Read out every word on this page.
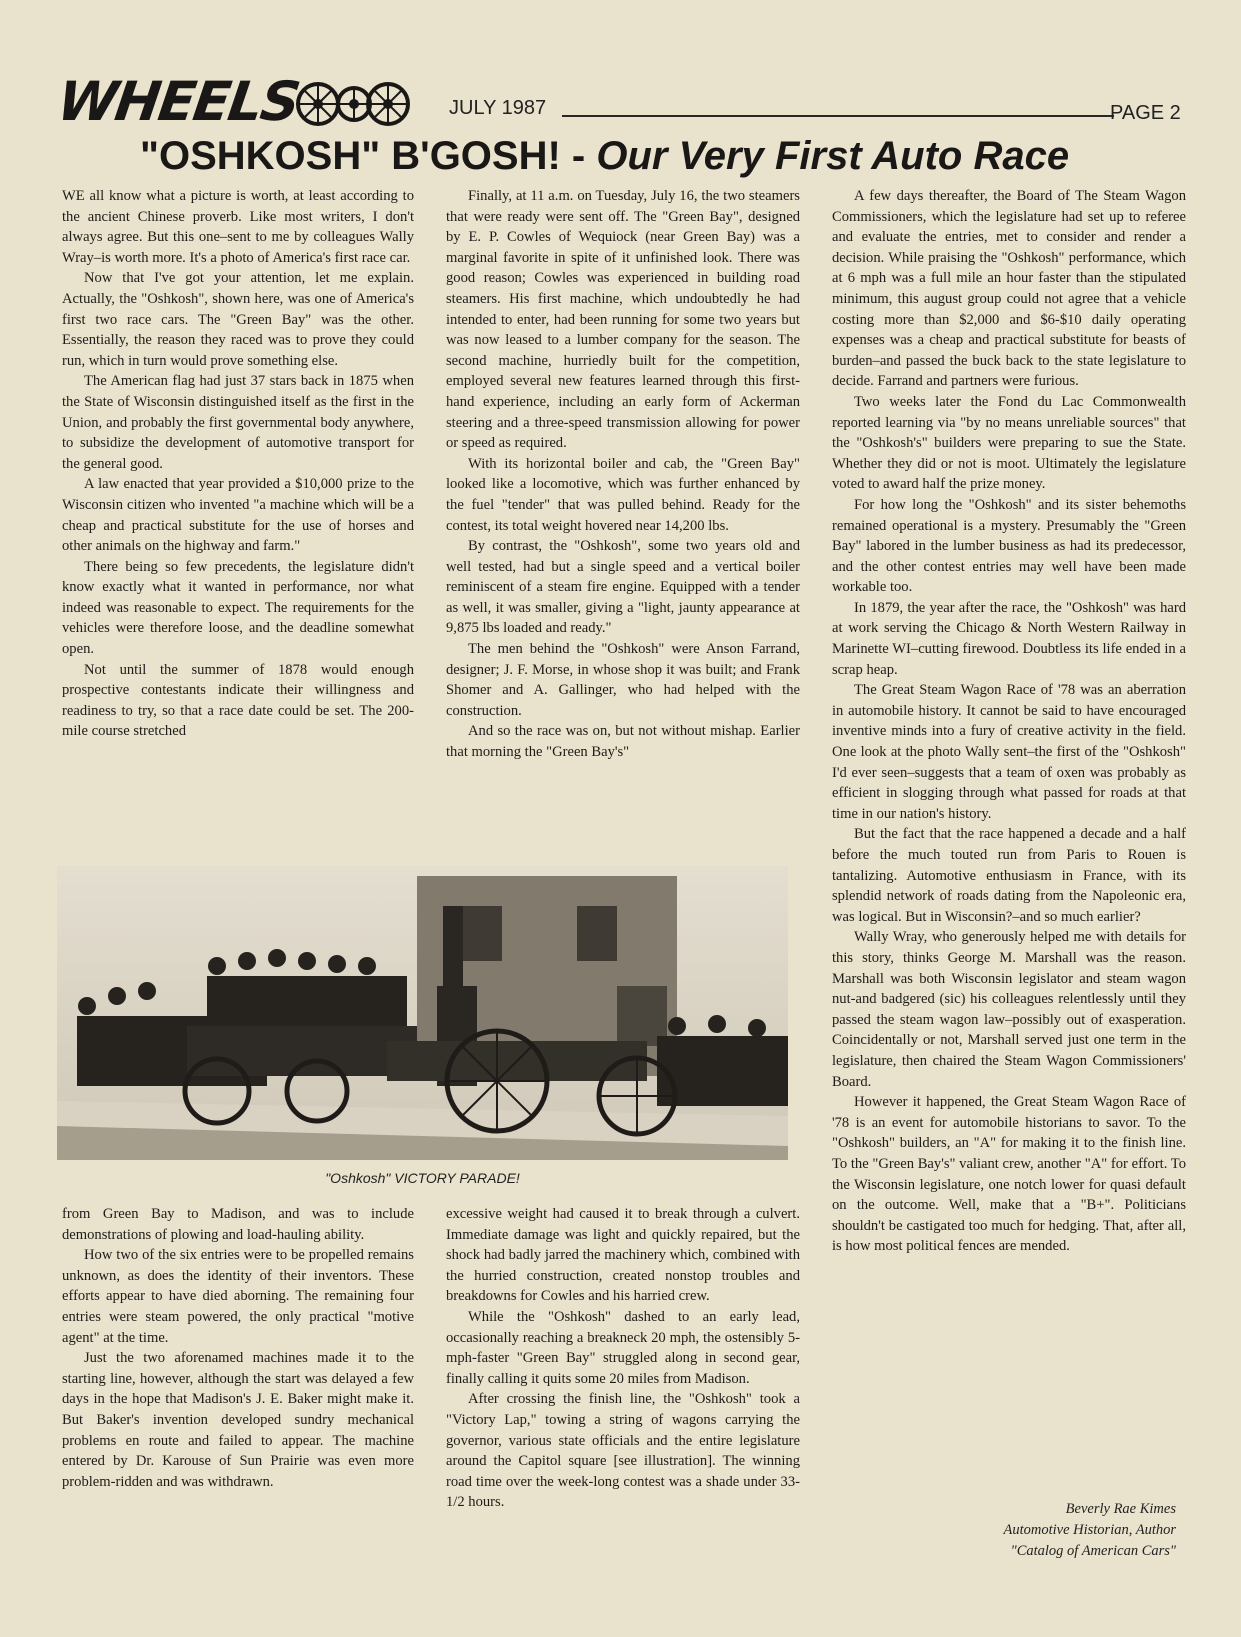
WHEELS	JULY 1987	PAGE 2
"OSHKOSH" B'GOSH! - Our Very First Auto Race

WE all know what a picture is worth, at least according to the ancient Chinese proverb. Like most writers, I don't always agree. But this one–sent to me by colleagues Wally Wray–is worth more. It's a photo of America's first race car.

Now that I've got your attention, let me explain. Actually, the "Oshkosh", shown here, was one of America's first two race cars. The "Green Bay" was the other. Essentially, the reason they raced was to prove they could run, which in turn would prove something else.

The American flag had just 37 stars back in 1875 when the State of Wisconsin distinguished itself as the first in the Union, and probably the first governmental body anywhere, to subsidize the development of automotive transport for the general good.

A law enacted that year provided a $10,000 prize to the Wisconsin citizen who invented "a machine which will be a cheap and practical substitute for the use of horses and other animals on the highway and farm."

There being so few precedents, the legislature didn't know exactly what it wanted in performance, nor what indeed was reasonable to expect. The requirements for the vehicles were therefore loose, and the deadline somewhat open.

Not until the summer of 1878 would enough prospective contestants indicate their willingness and readiness to try, so that a race date could be set. The 200-mile course stretched

Finally, at 11 a.m. on Tuesday, July 16, the two steamers that were ready were sent off. The "Green Bay", designed by E. P. Cowles of Wequiock (near Green Bay) was a marginal favorite in spite of it unfinished look. There was good reason; Cowles was experienced in building road steamers. His first machine, which undoubtedly he had intended to enter, had been running for some two years but was now leased to a lumber company for the season. The second machine, hurriedly built for the competition, employed several new features learned through this first-hand experience, including an early form of Ackerman steering and a three-speed transmission allowing for power or speed as required.

With its horizontal boiler and cab, the "Green Bay" looked like a locomotive, which was further enhanced by the fuel "tender" that was pulled behind. Ready for the contest, its total weight hovered near 14,200 lbs.

By contrast, the "Oshkosh", some two years old and well tested, had but a single speed and a vertical boiler reminiscent of a steam fire engine. Equipped with a tender as well, it was smaller, giving a "light, jaunty appearance at 9,875 lbs loaded and ready."

The men behind the "Oshkosh" were Anson Farrand, designer; J. F. Morse, in whose shop it was built; and Frank Shomer and A. Gallinger, who had helped with the construction.

And so the race was on, but not without mishap. Earlier that morning the "Green Bay's"

A few days thereafter, the Board of The Steam Wagon Commissioners, which the legislature had set up to referee and evaluate the entries, met to consider and render a decision. While praising the "Oshkosh" performance, which at 6 mph was a full mile an hour faster than the stipulated minimum, this august group could not agree that a vehicle costing more than $2,000 and $6-$10 daily operating expenses was a cheap and practical substitute for beasts of burden–and passed the buck back to the state legislature to decide. Farrand and partners were furious.

Two weeks later the Fond du Lac Commonwealth reported learning via "by no means unreliable sources" that the "Oshkosh's" builders were preparing to sue the State. Whether they did or not is moot. Ultimately the legislature voted to award half the prize money.

For how long the "Oshkosh" and its sister behemoths remained operational is a mystery. Presumably the "Green Bay" labored in the lumber business as had its predecessor, and the other contest entries may well have been made workable too.

In 1879, the year after the race, the "Oshkosh" was hard at work serving the Chicago & North Western Railway in Marinette WI–cutting firewood. Doubtless its life ended in a scrap heap.

The Great Steam Wagon Race of '78 was an aberration in automobile history. It cannot be said to have encouraged inventive minds into a fury of creative activity in the field. One look at the photo Wally sent–the first of the "Oshkosh" I'd ever seen–suggests that a team of oxen was probably as efficient in slogging through what passed for roads at that time in our nation's history.

But the fact that the race happened a decade and a half before the much touted run from Paris to Rouen is tantalizing. Automotive enthusiasm in France, with its splendid network of roads dating from the Napoleonic era, was logical. But in Wisconsin?–and so much earlier?

Wally Wray, who generously helped me with details for this story, thinks George M. Marshall was the reason. Marshall was both Wisconsin legislator and steam wagon nut-and badgered (sic) his colleagues relentlessly until they passed the steam wagon law–possibly out of exasperation. Coincidentally or not, Marshall served just one term in the legislature, then chaired the Steam Wagon Commissioners' Board.

However it happened, the Great Steam Wagon Race of '78 is an event for automobile historians to savor. To the "Oshkosh" builders, an "A" for making it to the finish line. To the "Green Bay's" valiant crew, another "A" for effort. To the Wisconsin legislature, one notch lower for quasi default on the outcome. Well, make that a "B+". Politicians shouldn't be castigated too much for hedging. That, after all, is how most political fences are mended.

"Oshkosh" VICTORY PARADE!

from Green Bay to Madison, and was to include demonstrations of plowing and load-hauling ability.

How two of the six entries were to be propelled remains unknown, as does the identity of their inventors. These efforts appear to have died aborning. The remaining four entries were steam powered, the only practical "motive agent" at the time.

Just the two aforenamed machines made it to the starting line, however, although the start was delayed a few days in the hope that Madison's J. E. Baker might make it. But Baker's invention developed sundry mechanical problems en route and failed to appear. The machine entered by Dr. Karouse of Sun Prairie was even more problem-ridden and was withdrawn.

excessive weight had caused it to break through a culvert. Immediate damage was light and quickly repaired, but the shock had badly jarred the machinery which, combined with the hurried construction, created nonstop troubles and breakdowns for Cowles and his harried crew.

While the "Oshkosh" dashed to an early lead, occasionally reaching a breakneck 20 mph, the ostensibly 5-mph-faster "Green Bay" struggled along in second gear, finally calling it quits some 20 miles from Madison.

After crossing the finish line, the "Oshkosh" took a "Victory Lap," towing a string of wagons carrying the governor, various state officials and the entire legislature around the Capitol square [see illustration]. The winning road time over the week-long contest was a shade under 33-1/2 hours.	Beverly Rae Kimes
Automotive Historian, Author
"Catalog of American Cars"
